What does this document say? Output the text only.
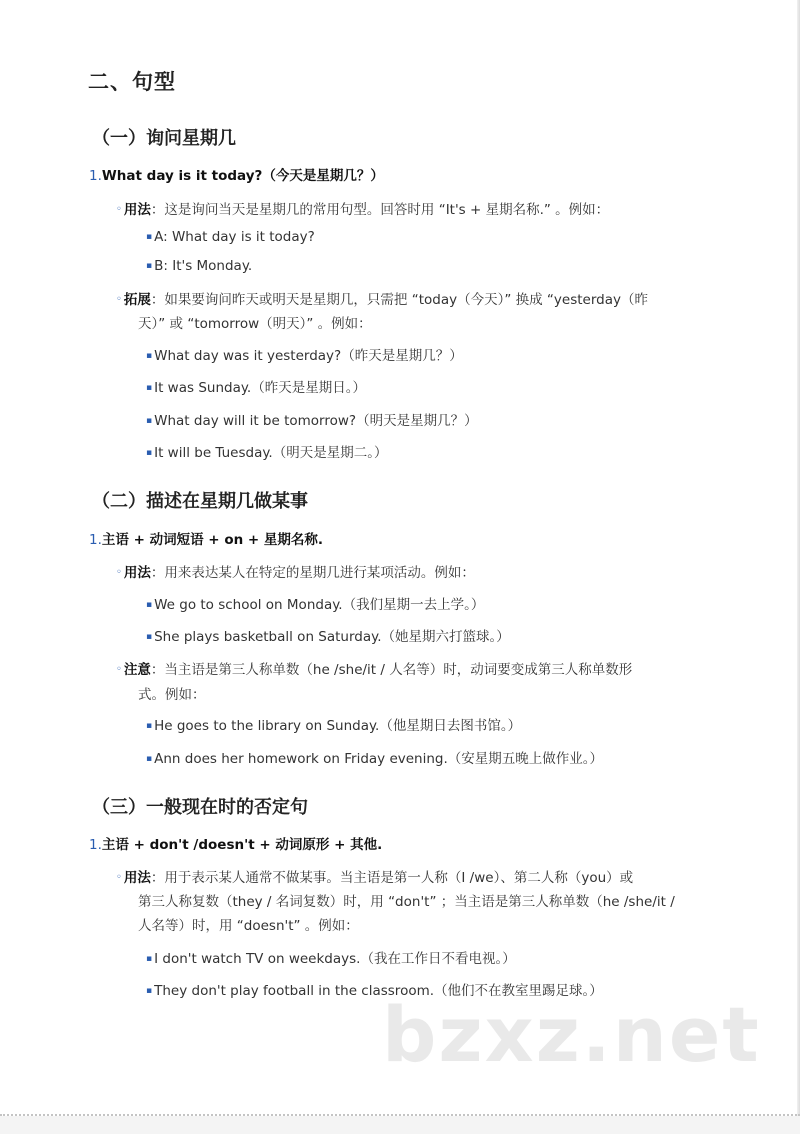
二、句型
（一）询问星期几
1.What day is it today?（今天是星期几？）
◦ 用法：这是询问当天是星期几的常用句型。回答时用 “It's + 星期名称.” 。例如：
▪ A: What day is it today?
▪ B: It's Monday.
◦ 拓展：如果要询问昨天或明天是星期几，只需把 “today（今天）” 换成 “yesterday（昨
天）” 或 “tomorrow（明天）” 。例如：
▪ What day was it yesterday?（昨天是星期几？）
▪ It was Sunday.（昨天是星期日。）
▪ What day will it be tomorrow?（明天是星期几？）
▪ It will be Tuesday.（明天是星期二。）
（二）描述在星期几做某事
1.主语 + 动词短语 + on + 星期名称.
◦ 用法：用来表达某人在特定的星期几进行某项活动。例如：
▪ We go to school on Monday.（我们星期一去上学。）
▪ She plays basketball on Saturday.（她星期六打篮球。）
◦ 注意：当主语是第三人称单数（he /she/it / 人名等）时，动词要变成第三人称单数形
式。例如：
▪ He goes to the library on Sunday.（他星期日去图书馆。）
▪ Ann does her homework on Friday evening.（安星期五晚上做作业。）
（三）一般现在时的否定句
1.主语 + don't /doesn't + 动词原形 + 其他.
◦ 用法：用于表示某人通常不做某事。当主语是第一人称（I /we）、第二人称（you）或
第三人称复数（they / 名词复数）时，用 “don't” ；当主语是第三人称单数（he /she/it /
人名等）时，用 “doesn't” 。例如：
▪ I don't watch TV on weekdays.（我在工作日不看电视。）
▪ They don't play football in the classroom.（他们不在教室里踢足球。）
bzxz.net
